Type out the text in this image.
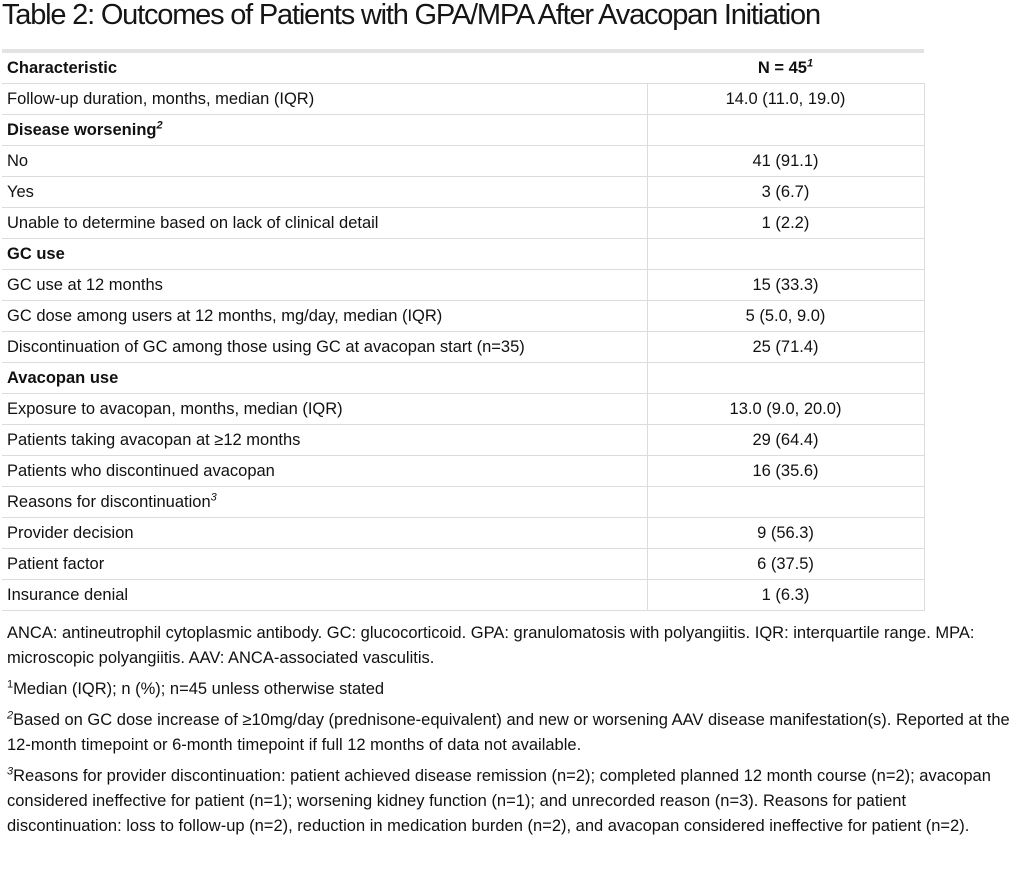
Table 2: Outcomes of Patients with GPA/MPA After Avacopan Initiation
Characteristic	$N = 45^1$
Follow-up duration, months, median (IQR)	14.0 (11.0, 19.0)
Disease worsening$^2$	
No	41 (91.1)
Yes	3 (6.7)
Unable to determine based on lack of clinical detail	1 (2.2)
GC use	
GC use at 12 months	15 (33.3)
GC dose among users at 12 months, mg/day, median (IQR)	5 (5.0, 9.0)
Discontinuation of GC among those using GC at avacopan start (n=35)	25 (71.4)
Avacopan use	
Exposure to avacopan, months, median (IQR)	13.0 (9.0, 20.0)
Patients taking avacopan at ≥12 months	29 (64.4)
Patients who discontinued avacopan	16 (35.6)
Reasons for discontinuation$^3$	
Provider decision	9 (56.3)
Patient factor	6 (37.5)
Insurance denial	1 (6.3)

ANCA: antineutrophil cytoplasmic antibody. GC: glucocorticoid. GPA: granulomatosis with polyangiitis. IQR: interquartile range. MPA: microscopic polyangiitis. AAV: ANCA-associated vasculitis.

$^1$Median (IQR); n (%); n=45 unless otherwise stated

$^2$Based on GC dose increase of ≥10mg/day (prednisone-equivalent) and new or worsening AAV disease manifestation(s). Reported at the 12-month timepoint or 6-month timepoint if full 12 months of data not available.

$^3$Reasons for provider discontinuation: patient achieved disease remission (n=2); completed planned 12 month course (n=2); avacopan considered ineffective for patient (n=1); worsening kidney function (n=1); and unrecorded reason (n=3). Reasons for patient discontinuation: loss to follow-up (n=2), reduction in medication burden (n=2), and avacopan considered ineffective for patient (n=2).
